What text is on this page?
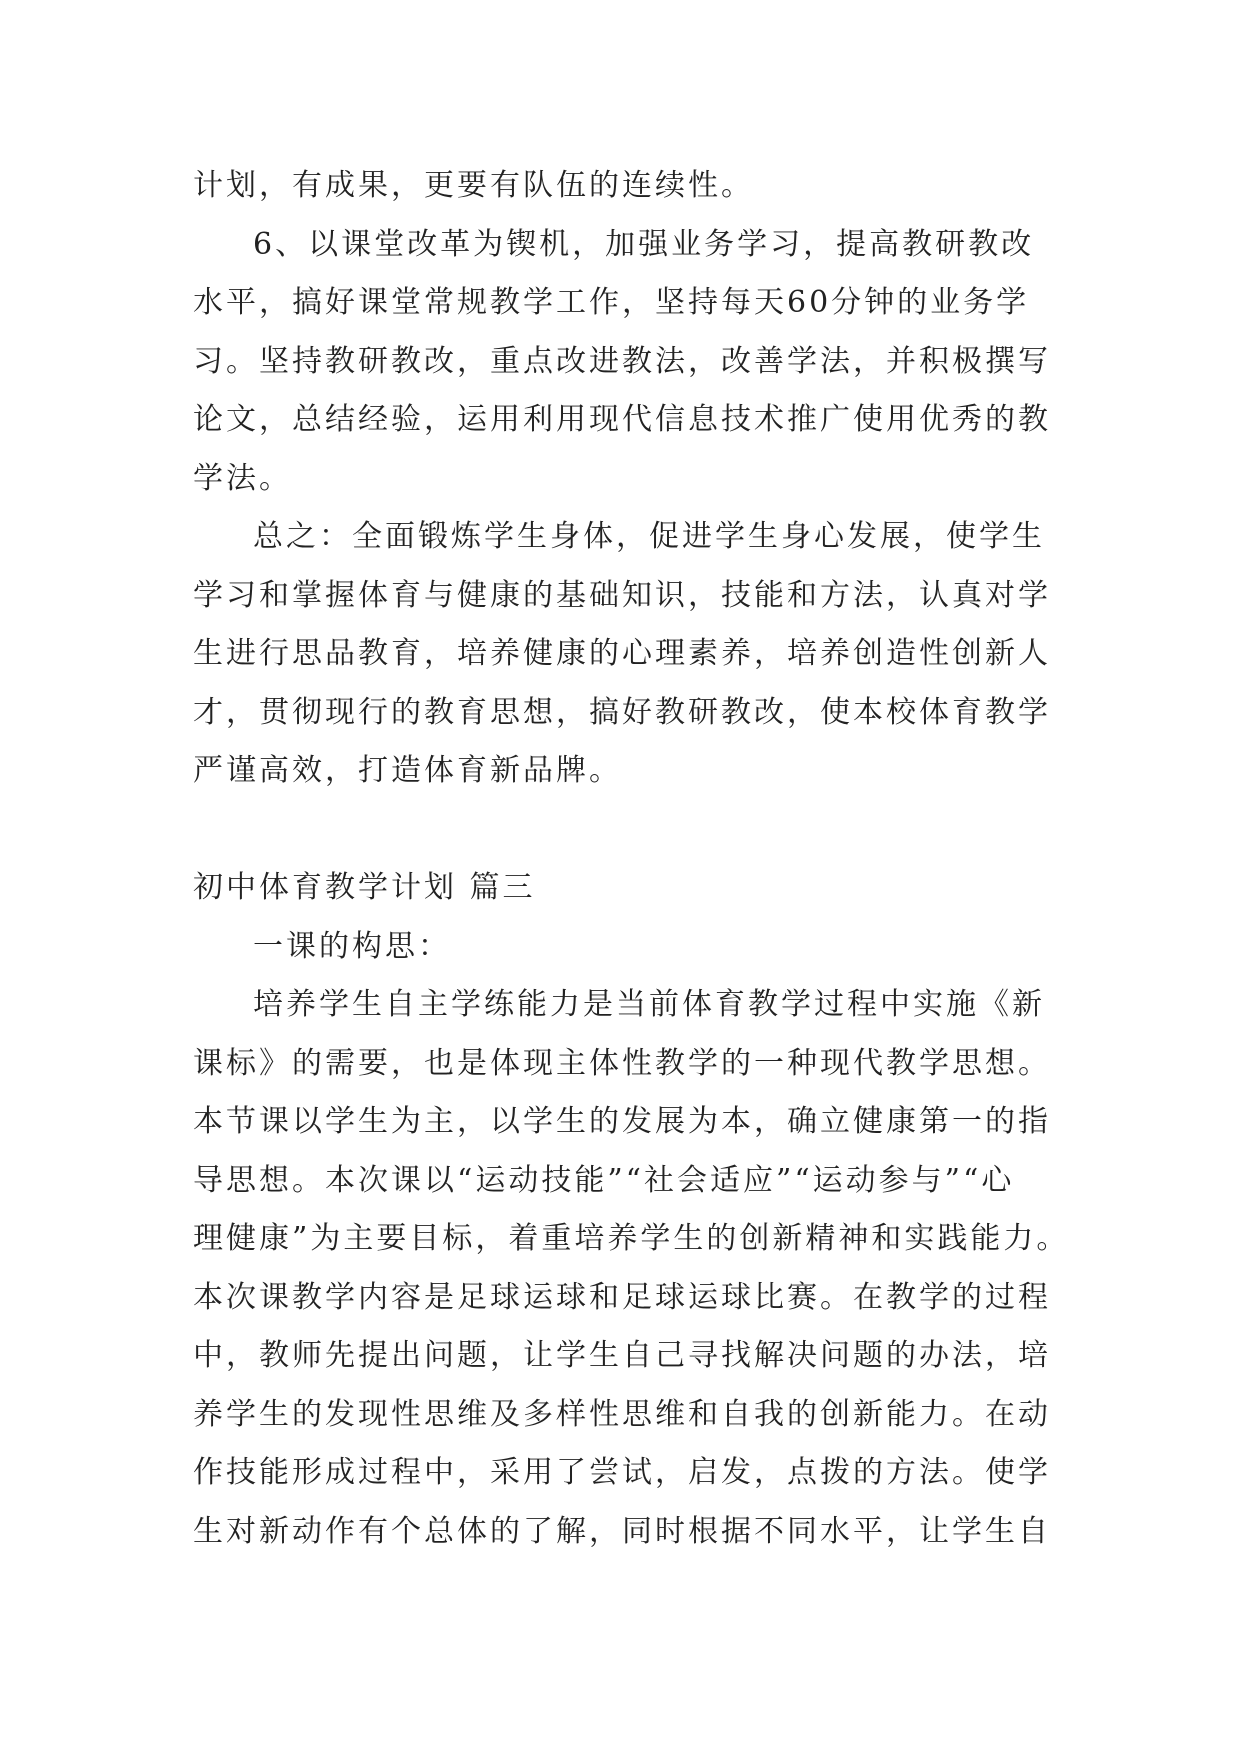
计划，有成果，更要有队伍的连续性。
6、以课堂改革为锲机，加强业务学习，提高教研教改
水平，搞好课堂常规教学工作，坚持每天60分钟的业务学
习。坚持教研教改，重点改进教法，改善学法，并积极撰写
论文，总结经验，运用利用现代信息技术推广使用优秀的教
学法。
总之：全面锻炼学生身体，促进学生身心发展，使学生
学习和掌握体育与健康的基础知识，技能和方法，认真对学
生进行思品教育，培养健康的心理素养，培养创造性创新人
才，贯彻现行的教育思想，搞好教研教改，使本校体育教学
严谨高效，打造体育新品牌。
初中体育教学计划 篇三
一课的构思：
培养学生自主学练能力是当前体育教学过程中实施《新
课标》的需要，也是体现主体性教学的一种现代教学思想。
本节课以学生为主，以学生的发展为本，确立健康第一的指
导思想。本次课以“运动技能”“社会适应”“运动参与”“心
理健康”为主要目标，着重培养学生的创新精神和实践能力。
本次课教学内容是足球运球和足球运球比赛。在教学的过程
中，教师先提出问题，让学生自己寻找解决问题的办法，培
养学生的发现性思维及多样性思维和自我的创新能力。在动
作技能形成过程中，采用了尝试，启发，点拨的方法。使学
生对新动作有个总体的了解，同时根据不同水平，让学生自
